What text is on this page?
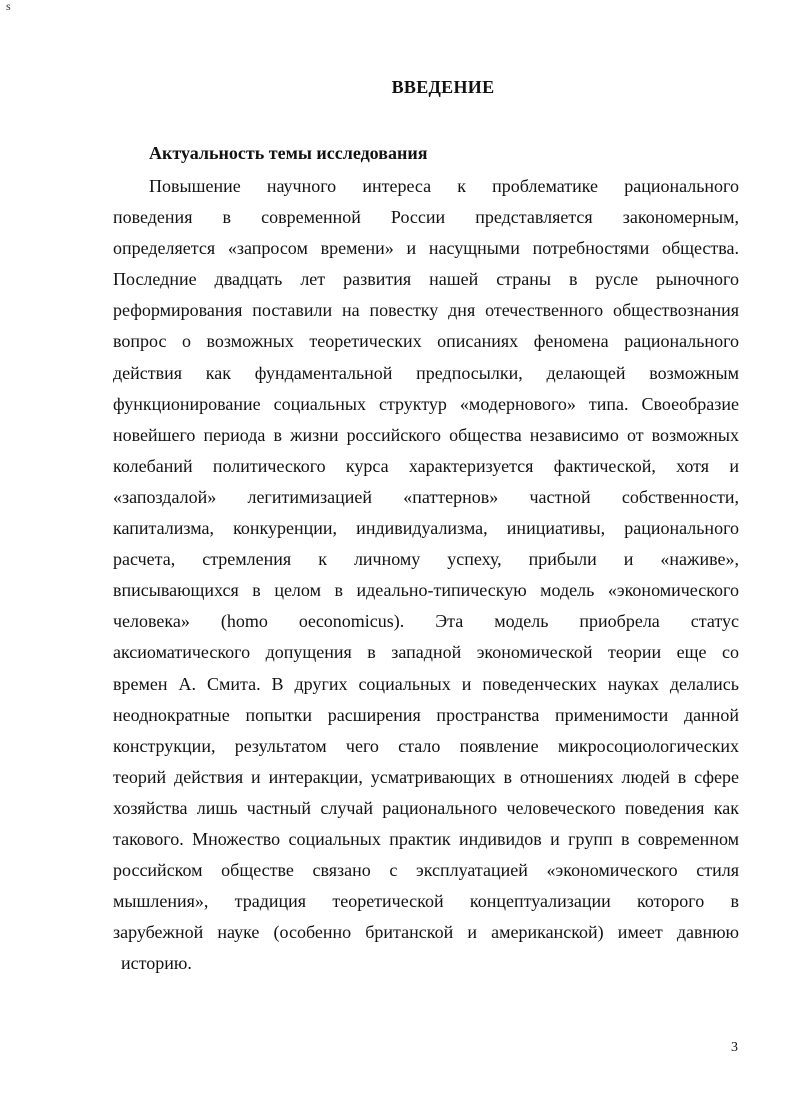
s
ВВЕДЕНИЕ
Актуальность темы исследования
Повышение научного интереса к проблематике рационального
поведения в современной России представляется закономерным,
определяется «запросом времени» и насущными потребностями общества.
Последние двадцать лет развития нашей страны в русле рыночного
реформирования поставили на повестку дня отечественного обществознания
вопрос о возможных теоретических описаниях феномена рационального
действия как фундаментальной предпосылки, делающей возможным
функционирование социальных структур «модернового» типа. Своеобразие
новейшего периода в жизни российского общества независимо от возможных
колебаний политического курса характеризуется фактической, хотя и
«запоздалой» легитимизацией «паттернов» частной собственности,
капитализма, конкуренции, индивидуализма, инициативы, рационального
расчета, стремления к личному успеху, прибыли и «наживе»,
вписывающихся в целом в идеально-типическую модель «экономического
человека» (homo oeconomicus). Эта модель приобрела статус
аксиоматического допущения в западной экономической теории еще со
времен А. Смита. В других социальных и поведенческих науках делались
неоднократные попытки расширения пространства применимости данной
конструкции, результатом чего стало появление микросоциологических
теорий действия и интеракции, усматривающих в отношениях людей в сфере
хозяйства лишь частный случай рационального человеческого поведения как
такового. Множество социальных практик индивидов и групп в современном
российском обществе связано с эксплуатацией «экономического стиля
мышления», традиция теоретической концептуализации которого в
зарубежной науке (особенно британской и американской) имеет давнюю
историю.
3
